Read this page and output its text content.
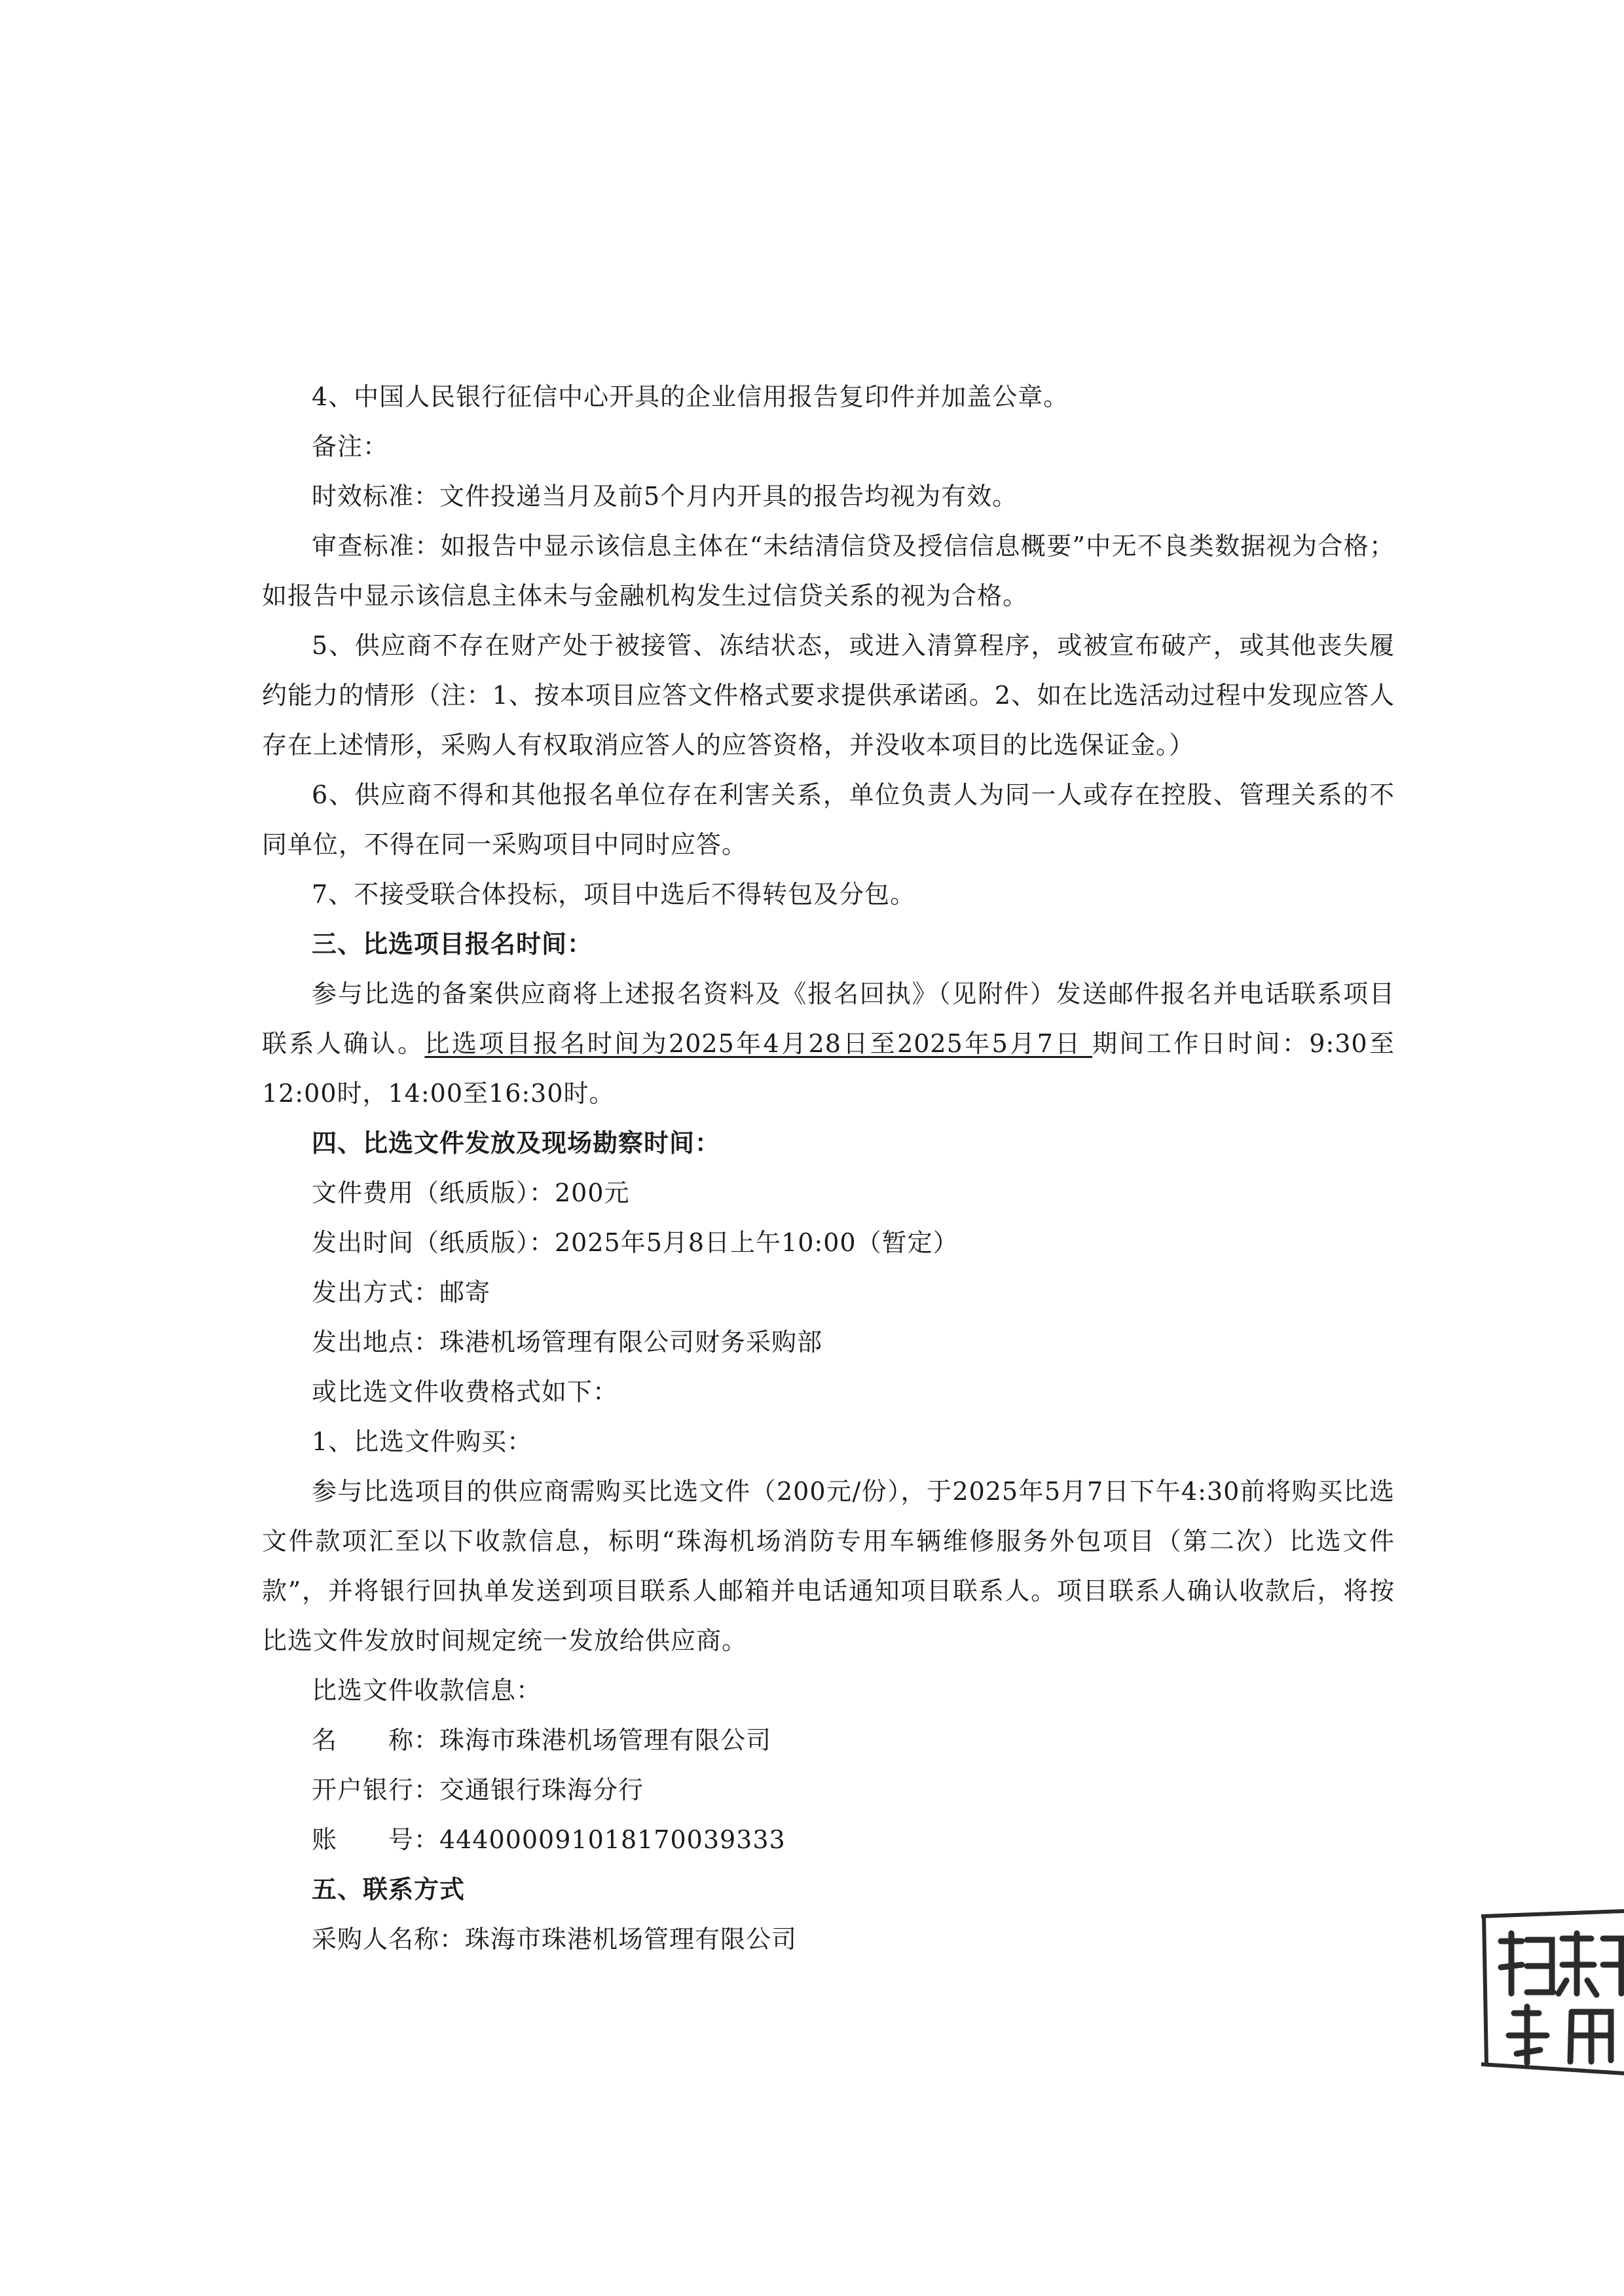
4、中国人民银行征信中心开具的企业信用报告复印件并加盖公章。

备注：

时效标准：文件投递当月及前5个月内开具的报告均视为有效。

审查标准：如报告中显示该信息主体在“未结清信贷及授信信息概要”中无不良类数据视为合格；如报告中显示该信息主体未与金融机构发生过信贷关系的视为合格。

5、供应商不存在财产处于被接管、冻结状态，或进入清算程序，或被宣布破产，或其他丧失履约能力的情形（注：1、按本项目应答文件格式要求提供承诺函。2、如在比选活动过程中发现应答人存在上述情形，采购人有权取消应答人的应答资格，并没收本项目的比选保证金。）

6、供应商不得和其他报名单位存在利害关系，单位负责人为同一人或存在控股、管理关系的不同单位，不得在同一采购项目中同时应答。

7、不接受联合体投标，项目中选后不得转包及分包。

三、比选项目报名时间：

参与比选的备案供应商将上述报名资料及《报名回执》（见附件）发送邮件报名并电话联系项目联系人确认。比选项目报名时间为2025年4月28日至2025年5月7日 期间工作日时间：9:30至12:00时，14:00至16:30时。

四、比选文件发放及现场勘察时间：

文件费用（纸质版）：200元

发出时间（纸质版）：2025年5月8日上午10:00（暂定）

发出方式：邮寄

发出地点：珠港机场管理有限公司财务采购部

或比选文件收费格式如下：

1、比选文件购买：

参与比选项目的供应商需购买比选文件（200元/份），于2025年5月7日下午4:30前将购买比选文件款项汇至以下收款信息，标明“珠海机场消防专用车辆维修服务外包项目（第二次）比选文件款”，并将银行回执单发送到项目联系人邮箱并电话通知项目联系人。项目联系人确认收款后，将按比选文件发放时间规定统一发放给供应商。

比选文件收款信息：

名　　称：珠海市珠港机场管理有限公司

开户银行：交通银行珠海分行

账　　号：444000091018170039333

五、联系方式

采购人名称：珠海市珠港机场管理有限公司
